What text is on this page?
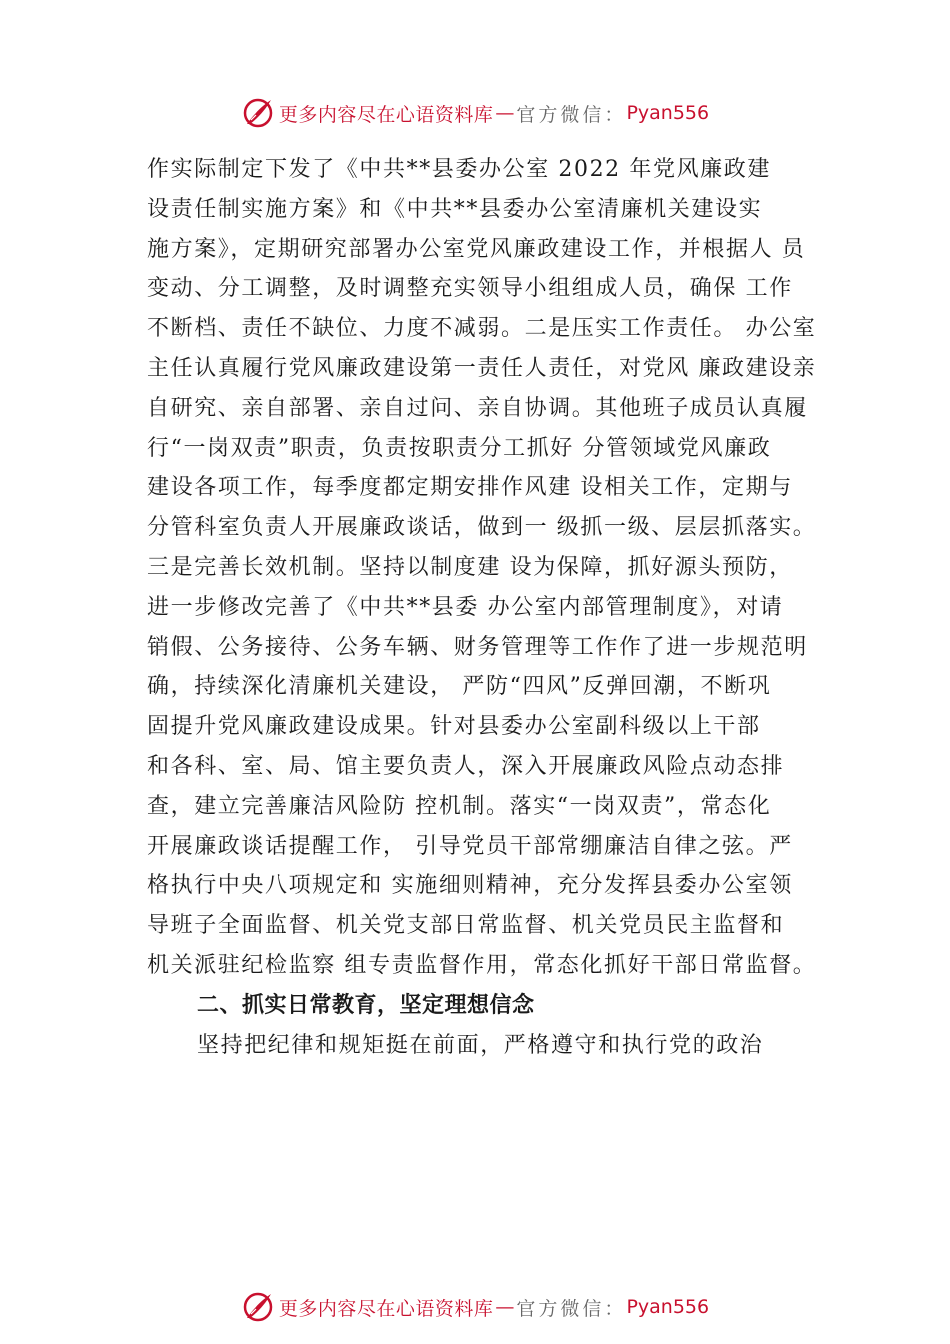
更多内容尽在心语资料库 — 官方微信： Pyan556
作实际制定下发了《中共**县委办公室 2022 年党风廉政建
设责任制实施方案》和《中共**县委办公室清廉机关建设实
施方案》，定期研究部署办公室党风廉政建设工作，并根据人 员
变动、分工调整，及时调整充实领导小组组成人员，确保 工作
不断档、责任不缺位、力度不减弱。二是压实工作责任。 办公室
主任认真履行党风廉政建设第一责任人责任，对党风 廉政建设亲
自研究、亲自部署、亲自过问、亲自协调。其他班子成员认真履
行“一岗双责”职责，负责按职责分工抓好 分管领域党风廉政
建设各项工作，每季度都定期安排作风建 设相关工作，定期与
分管科室负责人开展廉政谈话，做到一 级抓一级、层层抓落实。
三是完善长效机制。坚持以制度建 设为保障，抓好源头预防，
进一步修改完善了《中共**县委 办公室内部管理制度》，对请
销假、公务接待、公务车辆、财务管理等工作作了进一步规范明
确，持续深化清廉机关建设， 严防“四风”反弹回潮，不断巩
固提升党风廉政建设成果。针对县委办公室副科级以上干部
和各科、室、局、馆主要负责人，深入开展廉政风险点动态排
查，建立完善廉洁风险防 控机制。落实“一岗双责”，常态化
开展廉政谈话提醒工作， 引导党员干部常绷廉洁自律之弦。严
格执行中央八项规定和 实施细则精神，充分发挥县委办公室领
导班子全面监督、机关党支部日常监督、机关党员民主监督和
机关派驻纪检监察 组专责监督作用，常态化抓好干部日常监督。
二、抓实日常教育，坚定理想信念
坚持把纪律和规矩挺在前面，严格遵守和执行党的政治
更多内容尽在心语资料库 — 官方微信： Pyan556
